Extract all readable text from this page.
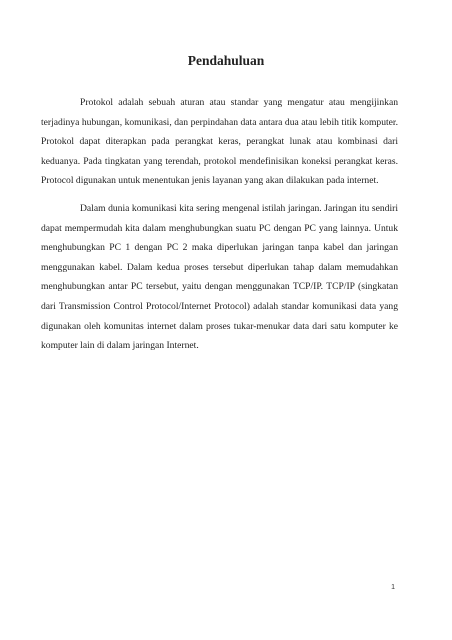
Pendahuluan

Protokol adalah sebuah aturan atau standar yang mengatur atau mengijinkan terjadinya hubungan, komunikasi, dan perpindahan data antara dua atau lebih titik komputer. Protokol dapat diterapkan pada perangkat keras, perangkat lunak atau kombinasi dari keduanya. Pada tingkatan yang terendah, protokol mendefinisikan koneksi perangkat keras. Protocol digunakan untuk menentukan jenis layanan yang akan dilakukan pada internet.

Dalam dunia komunikasi kita sering mengenal istilah jaringan. Jaringan itu sendiri dapat mempermudah kita dalam menghubungkan suatu PC dengan PC yang lainnya. Untuk menghubungkan PC 1 dengan PC 2 maka diperlukan jaringan tanpa kabel dan jaringan menggunakan kabel. Dalam kedua proses tersebut diperlukan tahap dalam memudahkan menghubungkan antar PC tersebut, yaitu dengan menggunakan TCP/IP. TCP/IP (singkatan dari Transmission Control Protocol/Internet Protocol) adalah standar komunikasi data yang digunakan oleh komunitas internet dalam proses tukar-menukar data dari satu komputer ke komputer lain di dalam jaringan Internet.

1
